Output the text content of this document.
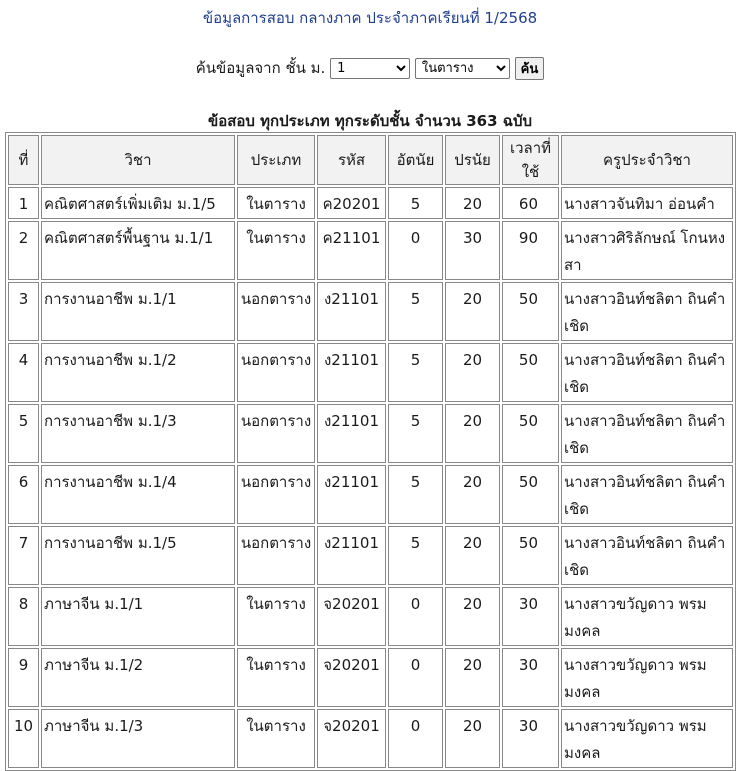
ข้อมูลการสอบ กลางภาค ประจำภาคเรียนที่ 1/2568
ค้นข้อมูลจาก ชั้น ม.
1
ในตาราง	ค้น
ข้อสอบ ทุกประเภท ทุกระดับชั้น จำนวน 363 ฉบับ
ที่	วิชา	ประเภท	รหัส	อัตนัย	ปรนัย	เวลาที่ใช้	ครูประจำวิชา
1	คณิตศาสตร์เพิ่มเติม ม.1/5	ในตาราง	ค20201	5	20	60	นางสาวจันทิมา อ่อนคำ
2	คณิตศาสตร์พื้นฐาน ม.1/1	ในตาราง	ค21101	0	30	90	นางสาวศิริลักษณ์ โกนหงสา
3	การงานอาชีพ ม.1/1	นอกตาราง	ง21101	5	20	50	นางสาวอินท์ชลิตา ถินคำเชิด
4	การงานอาชีพ ม.1/2	นอกตาราง	ง21101	5	20	50	นางสาวอินท์ชลิตา ถินคำเชิด
5	การงานอาชีพ ม.1/3	นอกตาราง	ง21101	5	20	50	นางสาวอินท์ชลิตา ถินคำเชิด
6	การงานอาชีพ ม.1/4	นอกตาราง	ง21101	5	20	50	นางสาวอินท์ชลิตา ถินคำเชิด
7	การงานอาชีพ ม.1/5	นอกตาราง	ง21101	5	20	50	นางสาวอินท์ชลิตา ถินคำเชิด
8	ภาษาจีน ม.1/1	ในตาราง	จ20201	0	20	30	นางสาวขวัญดาว พรมมงคล
9	ภาษาจีน ม.1/2	ในตาราง	จ20201	0	20	30	นางสาวขวัญดาว พรมมงคล
10	ภาษาจีน ม.1/3	ในตาราง	จ20201	0	20	30	นางสาวขวัญดาว พรมมงคล
